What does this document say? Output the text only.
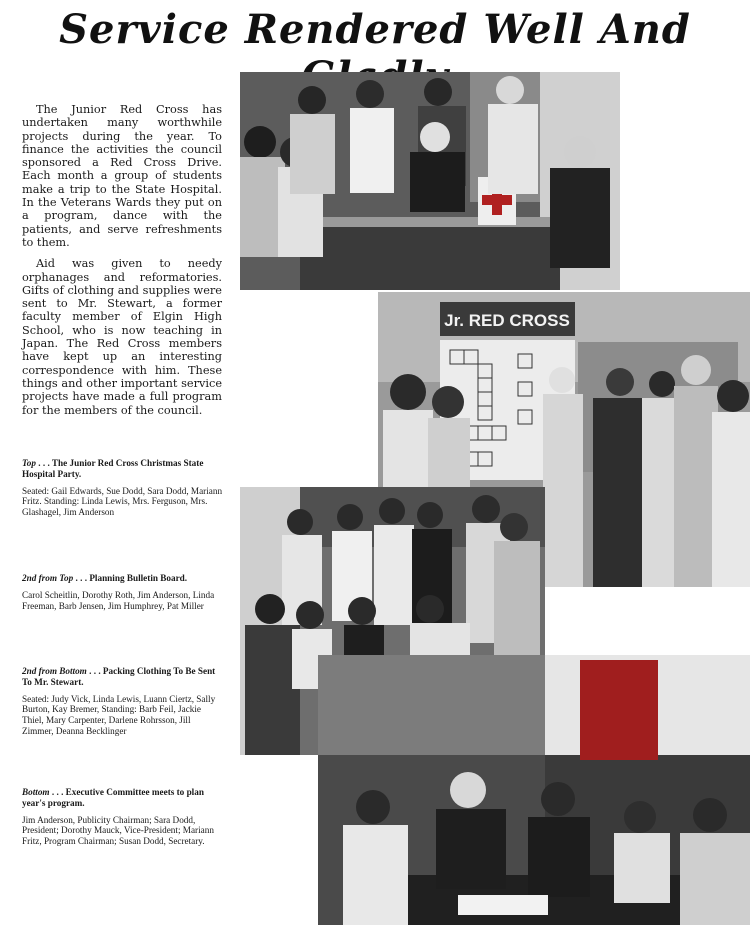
Service Rendered Well And

The Junior Red Cross has undertaken many worthwhile projects during the year. To finance the activities the council sponsored a Red Cross Drive. Each month a group of students make a trip to the State Hospital. In the Veterans Wards they put on a program, dance with the patients, and serve refreshments to them.

Aid was given to needy orphanages and reformatories. Gifts of clothing and supplies were sent to Mr. Stewart, a former faculty member of Elgin High School, who is now teaching in Japan. The Red Cross members have kept up an interesting correspondence with him. These things and other important service projects have made a full program for the members of the council.

Top . . . The Junior Red Cross Christmas State Hospital Party.

Seated: Gail Edwards, Sue Dodd, Sara Dodd, Mariann Fritz. Standing: Linda Lewis, Mrs. Ferguson, Mrs. Glashagel, Jim Anderson

2nd from Top . . . Planning Bulletin Board.

Carol Scheitlin, Dorothy Roth, Jim Anderson, Linda Freeman, Barb Jensen, Jim Humphrey, Pat Miller

2nd from Bottom . . . Packing Clothing To Be Sent To Mr. Stewart.

Seated: Judy Vick, Linda Lewis, Luann Ciertz, Sally Burton, Kay Bremer, Standing: Barb Feil, Jackie Thiel, Mary Carpenter, Darlene Rohrsson, Jill Zimmer, Deanna Becklinger

Bottom . . . Executive Committee meets to plan year's program.

Jim Anderson, Publicity Chairman; Sara Dodd, President; Dorothy Mauck, Vice-President; Mariann Fritz, Program Chairman; Susan Dodd, Secretary.

Jr. RED CROSS
